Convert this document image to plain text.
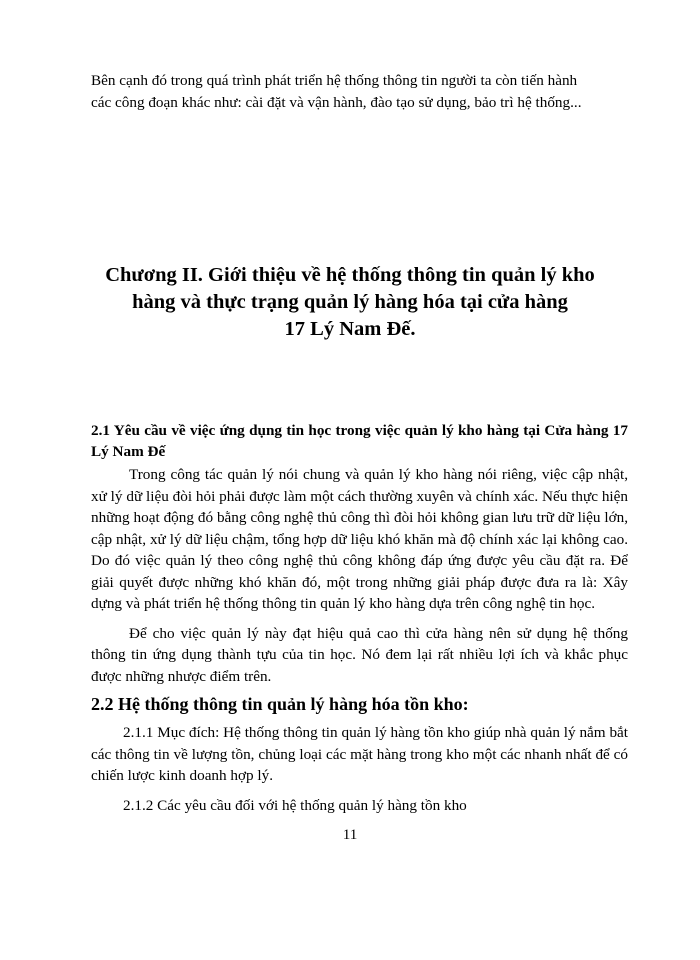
Bên cạnh đó trong quá trình phát triển hệ thống thông tin người ta còn tiến hành

các công đoạn khác như: cài đặt và vận hành, đào tạo sử dụng, bảo trì hệ thống...

Chương II. Giới thiệu về hệ thống thông tin quản lý kho
hàng và thực trạng quản lý hàng hóa tại cửa hàng
17 Lý Nam Đế.

2.1 Yêu cầu về việc ứng dụng tin học trong việc quản lý kho hàng tại Cửa hàng 17 Lý Nam Đế

Trong công tác quản lý nói chung và quản lý kho hàng nói riêng, việc cập nhật, xử lý dữ liệu đòi hỏi phải được làm một cách thường xuyên và chính xác. Nếu thực hiện những hoạt động đó bằng công nghệ thủ công thì đòi hỏi không gian lưu trữ dữ liệu lớn, cập nhật, xử lý dữ liệu chậm, tổng hợp dữ liệu khó khăn mà độ chính xác lại không cao. Do đó việc quản lý theo công nghệ thủ công không đáp ứng được yêu cầu đặt ra. Để giải quyết được những khó khăn đó, một trong những giải pháp được đưa ra là: Xây dựng và phát triển hệ thống thông tin quản lý kho hàng dựa trên công nghệ tin học.

Để cho việc quản lý này đạt hiệu quả cao thì cửa hàng nên sử dụng hệ thống thông tin ứng dụng thành tựu của tin học. Nó đem lại rất nhiều lợi ích và khắc phục được những nhược điểm trên.

2.2 Hệ thống thông tin quản lý hàng hóa tồn kho:

2.1.1 Mục đích: Hệ thống thông tin quản lý hàng tồn kho giúp nhà quản lý nắm bắt các thông tin về lượng tồn, chủng loại các mặt hàng trong kho một các nhanh nhất để có chiến lược kinh doanh hợp lý.

2.1.2 Các yêu cầu đối với hệ thống quản lý hàng tồn kho

11
